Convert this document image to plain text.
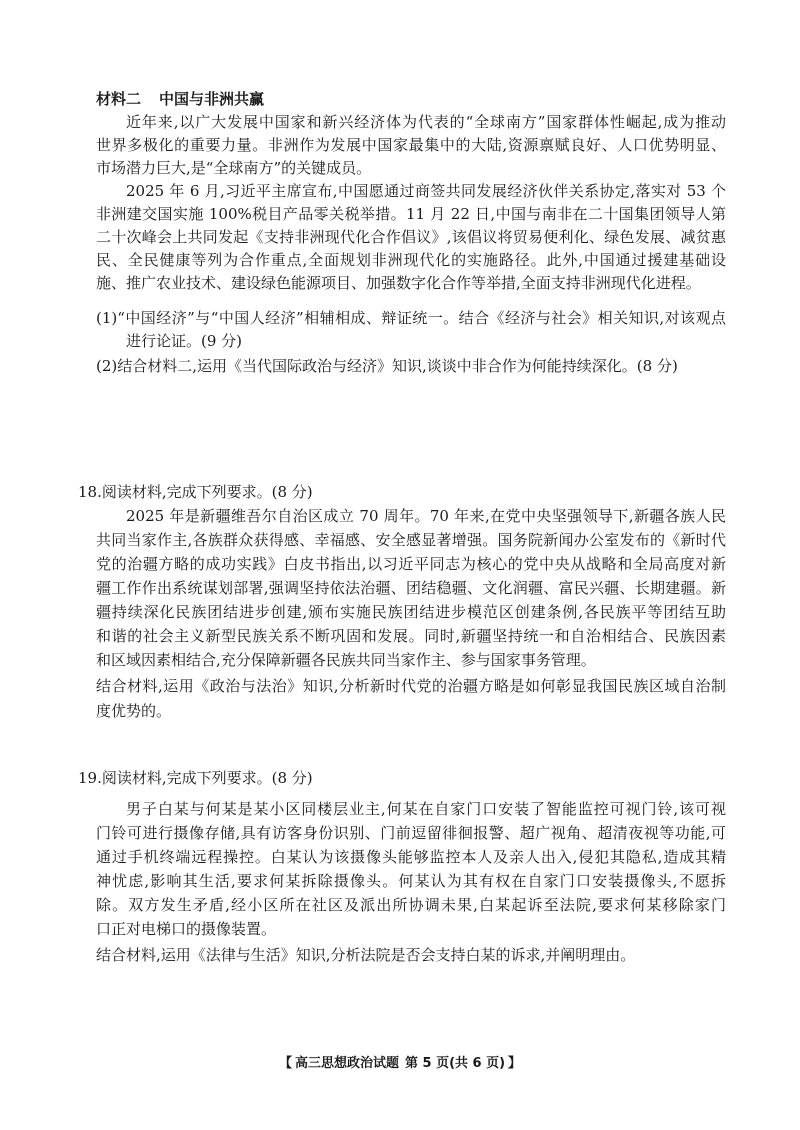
材料二 中国与非洲共赢
近年来,以广大发展中国家和新兴经济体为代表的“全球南方”国家群体性崛起,成为推动
世界多极化的重要力量。非洲作为发展中国家最集中的大陆,资源禀赋良好、人口优势明显、
市场潜力巨大,是“全球南方”的关键成员。
2025 年 6 月,习近平主席宣布,中国愿通过商签共同发展经济伙伴关系协定,落实对 53 个
非洲建交国实施 100%税目产品零关税举措。11 月 22 日,中国与南非在二十国集团领导人第
二十次峰会上共同发起《支持非洲现代化合作倡议》,该倡议将贸易便利化、绿色发展、减贫惠
民、全民健康等列为合作重点,全面规划非洲现代化的实施路径。此外,中国通过援建基础设
施、推广农业技术、建设绿色能源项目、加强数字化合作等举措,全面支持非洲现代化进程。
(1)“中国经济”与“中国人经济”相辅相成、辩证统一。结合《经济与社会》相关知识,对该观点
进行论证。(9 分)
(2)结合材料二,运用《当代国际政治与经济》知识,谈谈中非合作为何能持续深化。(8 分)
18.阅读材料,完成下列要求。(8 分)
2025 年是新疆维吾尔自治区成立 70 周年。70 年来,在党中央坚强领导下,新疆各族人民
共同当家作主,各族群众获得感、幸福感、安全感显著增强。国务院新闻办公室发布的《新时代
党的治疆方略的成功实践》白皮书指出,以习近平同志为核心的党中央从战略和全局高度对新
疆工作作出系统谋划部署,强调坚持依法治疆、团结稳疆、文化润疆、富民兴疆、长期建疆。新
疆持续深化民族团结进步创建,颁布实施民族团结进步模范区创建条例,各民族平等团结互助
和谐的社会主义新型民族关系不断巩固和发展。同时,新疆坚持统一和自治相结合、民族因素
和区域因素相结合,充分保障新疆各民族共同当家作主、参与国家事务管理。
结合材料,运用《政治与法治》知识,分析新时代党的治疆方略是如何彰显我国民族区域自治制
度优势的。
19.阅读材料,完成下列要求。(8 分)
男子白某与何某是某小区同楼层业主,何某在自家门口安装了智能监控可视门铃,该可视
门铃可进行摄像存储,具有访客身份识别、门前逗留徘徊报警、超广视角、超清夜视等功能,可
通过手机终端远程操控。白某认为该摄像头能够监控本人及亲人出入,侵犯其隐私,造成其精
神忧虑,影响其生活,要求何某拆除摄像头。何某认为其有权在自家门口安装摄像头,不愿拆
除。双方发生矛盾,经小区所在社区及派出所协调未果,白某起诉至法院,要求何某移除家门
口正对电梯口的摄像装置。
结合材料,运用《法律与生活》知识,分析法院是否会支持白某的诉求,并阐明理由。
【 高三思想政治试题 第 5 页(共 6 页) 】
